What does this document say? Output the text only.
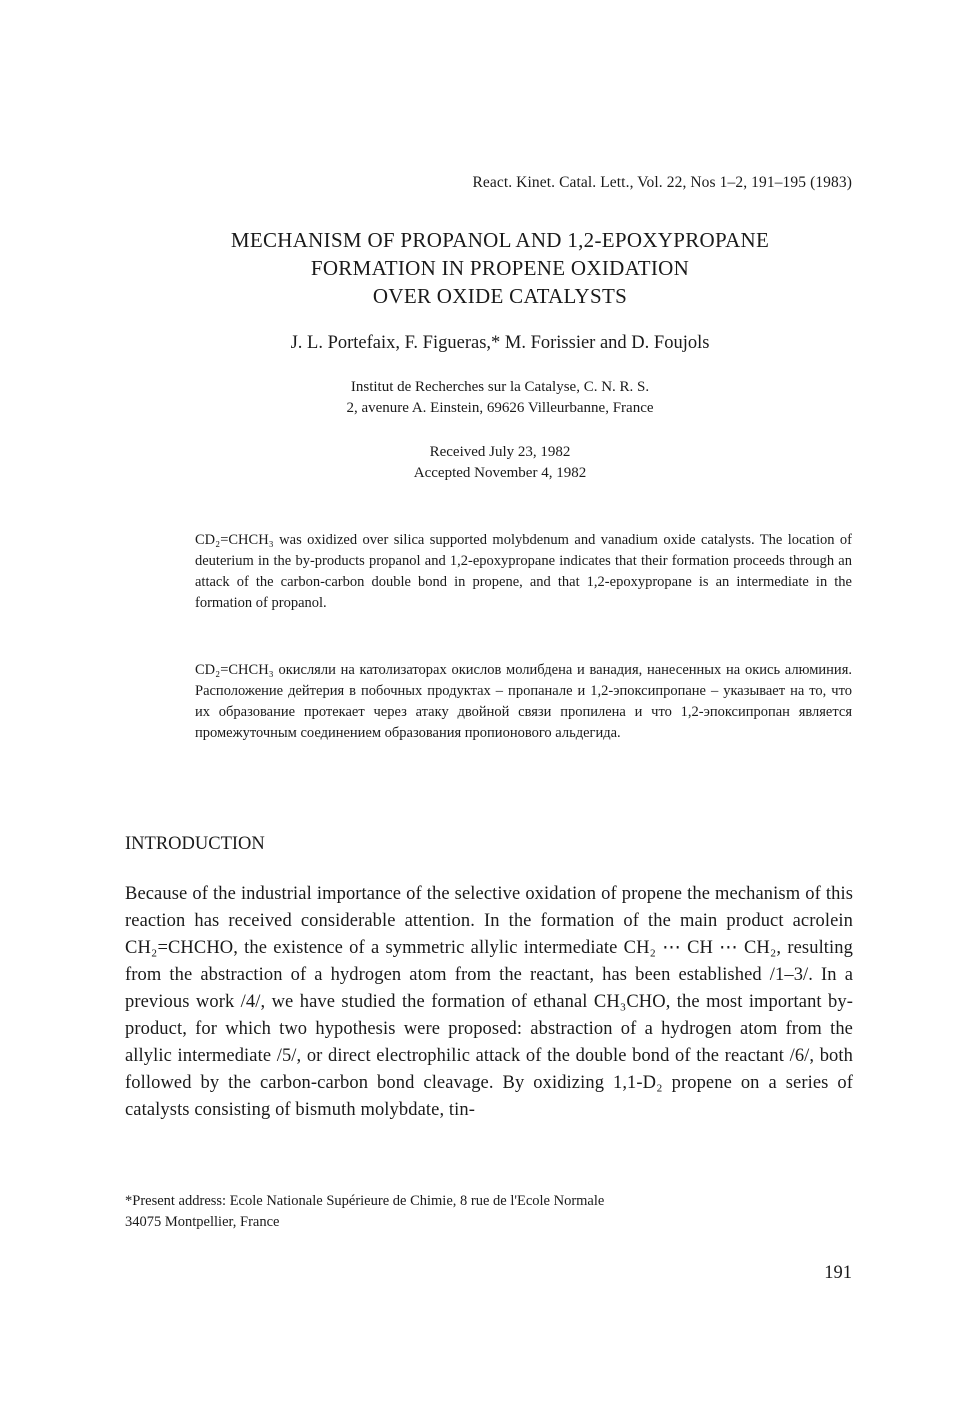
React. Kinet. Catal. Lett., Vol. 22, Nos 1–2, 191–195 (1983)
MECHANISM OF PROPANOL AND 1,2-EPOXYPROPANE
FORMATION IN PROPENE OXIDATION
OVER OXIDE CATALYSTS
J. L. Portefaix, F. Figueras,* M. Forissier and D. Foujols
Institut de Recherches sur la Catalyse, C. N. R. S.
2, avenure A. Einstein, 69626 Villeurbanne, France
Received July 23, 1982
Accepted November 4, 1982
CD₂=CHCH₃ was oxidized over silica supported molybdenum and vanadium oxide catalysts. The location of deuterium in the by-products propanol and 1,2-epoxypropane indicates that their formation proceeds through an attack of the carbon-carbon double bond in propene, and that 1,2-epoxypropane is an intermediate in the formation of propanol.
CD₂=CHCH₃ окисляли на католизаторах окислов молибдена и ванадия, нанесенных на окись алюминия. Расположение дейтерия в побочных продуктах – пропанале и 1,2-эпоксипропане – указывает на то, что их образование протекает через атаку двойной связи пропилена и что 1,2-эпоксипропан является промежуточным соединением образования пропионового альдегида.
INTRODUCTION
Because of the industrial importance of the selective oxidation of propene the mechanism of this reaction has received considerable attention. In the formation of the main product acrolein CH₂=CHCHO, the existence of a symmetric allylic intermediate CH₂ ⋯ CH ⋯ CH₂, resulting from the abstraction of a hydrogen atom from the reactant, has been established /1–3/. In a previous work /4/, we have studied the formation of ethanal CH₃CHO, the most important by-product, for which two hypothesis were proposed: abstraction of a hydrogen atom from the allylic intermediate /5/, or direct electrophilic attack of the double bond of the reactant /6/, both followed by the carbon-carbon bond cleavage. By oxidizing 1,1-D₂ propene on a series of catalysts consisting of bismuth molybdate, tin-
*Present address: Ecole Nationale Supérieure de Chimie, 8 rue de l'Ecole Normale
34075 Montpellier, France
191
